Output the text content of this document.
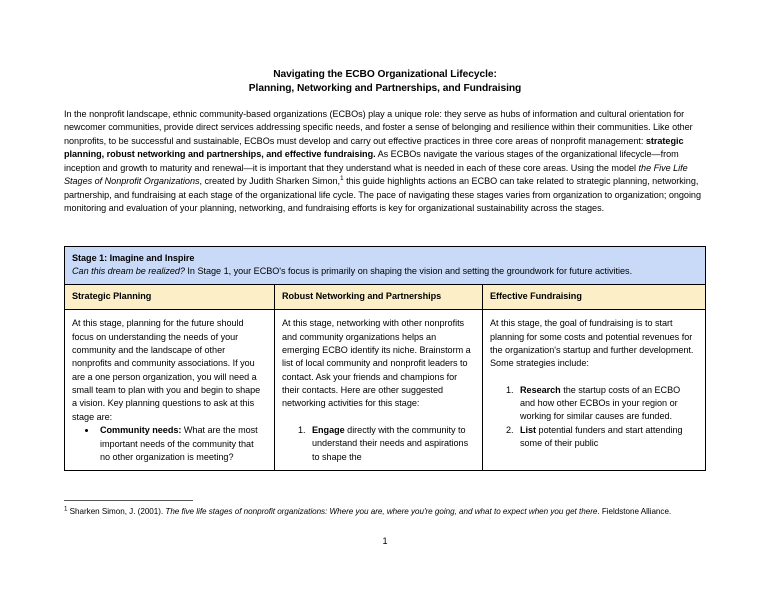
Navigating the ECBO Organizational Lifecycle:
Planning, Networking and Partnerships, and Fundraising
In the nonprofit landscape, ethnic community-based organizations (ECBOs) play a unique role: they serve as hubs of information and cultural orientation for newcomer communities, provide direct services addressing specific needs, and foster a sense of belonging and resilience within their communities. Like other nonprofits, to be successful and sustainable, ECBOs must develop and carry out effective practices in three core areas of nonprofit management: strategic planning, robust networking and partnerships, and effective fundraising. As ECBOs navigate the various stages of the organizational lifecycle—from inception and growth to maturity and renewal—it is important that they understand what is needed in each of these core areas. Using the model the Five Life Stages of Nonprofit Organizations, created by Judith Sharken Simon,$^1$ this guide highlights actions an ECBO can take related to strategic planning, networking, partnership, and fundraising at each stage of the organizational life cycle. The pace of navigating these stages varies from organization to organization; ongoing monitoring and evaluation of your planning, networking, and fundraising efforts is key for organizational sustainability across the stages.
Stage 1: Imagine and Inspire
Can this dream be realized? In Stage 1, your ECBO's focus is primarily on shaping the vision and setting the groundwork for future activities.
Strategic Planning	Robust Networking and Partnerships	Effective Fundraising

At this stage, planning for the future should focus on understanding the needs of your community and the landscape of other nonprofits and community associations. If you are a one person organization, you will need a small team to plan with you and begin to shape a vision. Key planning questions to ask at this stage are:

• Community needs: What are the most important needs of the community that no other organization is meeting?

At this stage, networking with other nonprofits and community organizations helps an emerging ECBO identify its niche. Brainstorm a list of local community and nonprofit leaders to contact. Ask your friends and champions for their contacts. Here are other suggested networking activities for this stage:

1. Engage directly with the community to understand their needs and aspirations to shape the

At this stage, the goal of fundraising is to start planning for some costs and potential revenues for the organization's startup and further development. Some strategies include:

1. Research the startup costs of an ECBO and how other ECBOs in your region or working for similar causes are funded.
2. List potential funders and start attending some of their public
$^1$ Sharken Simon, J. (2001). The five life stages of nonprofit organizations: Where you are, where you're going, and what to expect when you get there. Fieldstone Alliance.
1
